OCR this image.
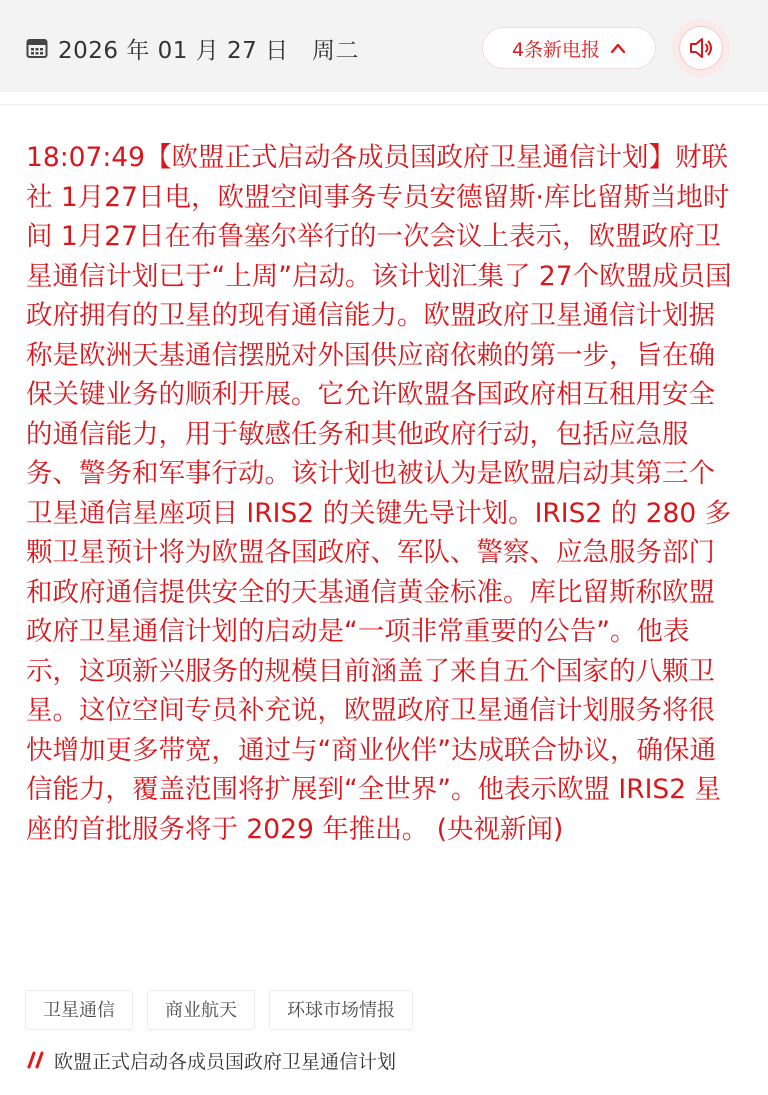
2026 年 01 月 27 日   周二	4条新电报

18:07:49【欧盟正式启动各成员国政府卫星通信计划】财联社 1月27日电，欧盟空间事务专员安德留斯·库比留斯当地时间 1月27日在布鲁塞尔举行的一次会议上表示，欧盟政府卫星通信计划已于“上周”启动。该计划汇集了 27个欧盟成员国政府拥有的卫星的现有通信能力。欧盟政府卫星通信计划据称是欧洲天基通信摆脱对外国供应商依赖的第一步，旨在确保关键业务的顺利开展。它允许欧盟各国政府相互租用安全的通信能力，用于敏感任务和其他政府行动，包括应急服务、警务和军事行动。该计划也被认为是欧盟启动其第三个卫星通信星座项目 IRIS2 的关键先导计划。IRIS2 的 280 多颗卫星预计将为欧盟各国政府、军队、警察、应急服务部门和政府通信提供安全的天基通信黄金标准。库比留斯称欧盟政府卫星通信计划的启动是“一项非常重要的公告”。他表示，这项新兴服务的规模目前涵盖了来自五个国家的八颗卫星。这位空间专员补充说，欧盟政府卫星通信计划服务将很快增加更多带宽，通过与“商业伙伴”达成联合协议，确保通信能力，覆盖范围将扩展到“全世界”。他表示欧盟 IRIS2 星座的首批服务将于 2029 年推出。 (央视新闻)

卫星通信	商业航天	环球市场情报
欧盟正式启动各成员国政府卫星通信计划
